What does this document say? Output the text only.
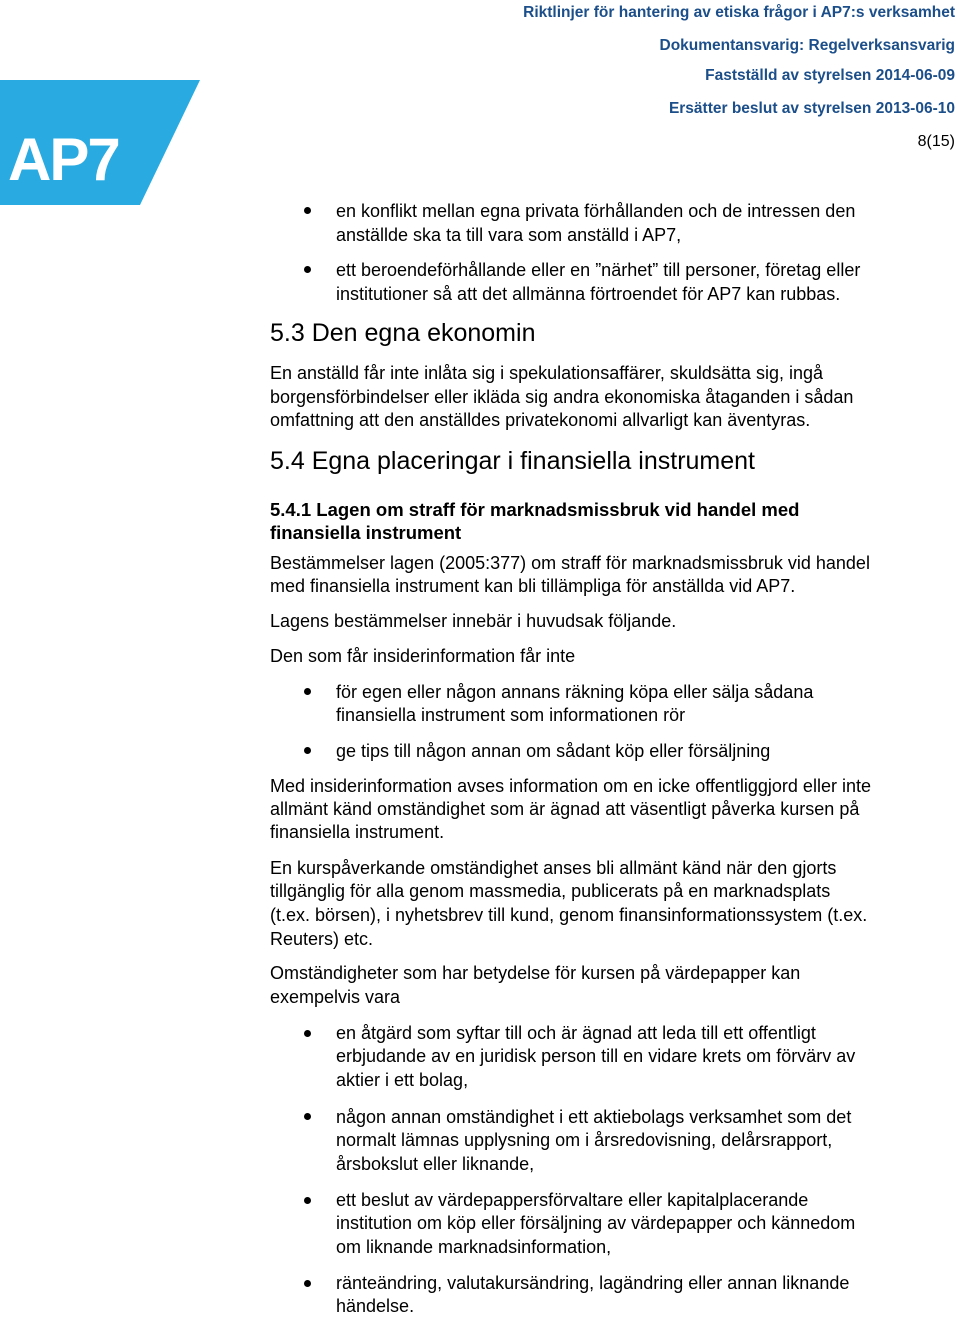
Riktlinjer för hantering av etiska frågor i AP7:s verksamhet

Dokumentansvarig: Regelverksansvarig

Fastställd av styrelsen 2014-06-09

Ersätter beslut av styrelsen 2013-06-10

8(15)

AP7

en konflikt mellan egna privata förhållanden och de intressen den

anställde ska ta till vara som anställd i AP7,

ett beroendeförhållande eller en ”närhet” till personer, företag eller

institutioner så att det allmänna förtroendet för AP7 kan rubbas.

5.3 Den egna ekonomin

En anställd får inte inlåta sig i spekulationsaffärer, skuldsätta sig, ingå

borgensförbindelser eller ikläda sig andra ekonomiska åtaganden i sådan

omfattning att den anställdes privatekonomi allvarligt kan äventyras.

5.4 Egna placeringar i finansiella instrument
5.4.1 Lagen om straff för marknadsmissbruk vid handel med
finansiella instrument

Bestämmelser lagen (2005:377) om straff för marknadsmissbruk vid handel

med finansiella instrument kan bli tillämpliga för anställda vid AP7.

Lagens bestämmelser innebär i huvudsak följande.

Den som får insiderinformation får inte

för egen eller någon annans räkning köpa eller sälja sådana

finansiella instrument som informationen rör

ge tips till någon annan om sådant köp eller försäljning

Med insiderinformation avses information om en icke offentliggjord eller inte

allmänt känd omständighet som är ägnad att väsentligt påverka kursen på

finansiella instrument.

En kurspåverkande omständighet anses bli allmänt känd när den gjorts

tillgänglig för alla genom massmedia, publicerats på en marknadsplats

(t.ex. börsen), i nyhetsbrev till kund, genom finansinformationssystem (t.ex.

Reuters) etc.

Omständigheter som har betydelse för kursen på värdepapper kan

exempelvis vara

en åtgärd som syftar till och är ägnad att leda till ett offentligt

erbjudande av en juridisk person till en vidare krets om förvärv av

aktier i ett bolag,

någon annan omständighet i ett aktiebolags verksamhet som det

normalt lämnas upplysning om i årsredovisning, delårsrapport,

årsbokslut eller liknande,

ett beslut av värdepappersförvaltare eller kapitalplacerande

institution om köp eller försäljning av värdepapper och kännedom

om liknande marknadsinformation,

ränteändring, valutakursändring, lagändring eller annan liknande

händelse.
